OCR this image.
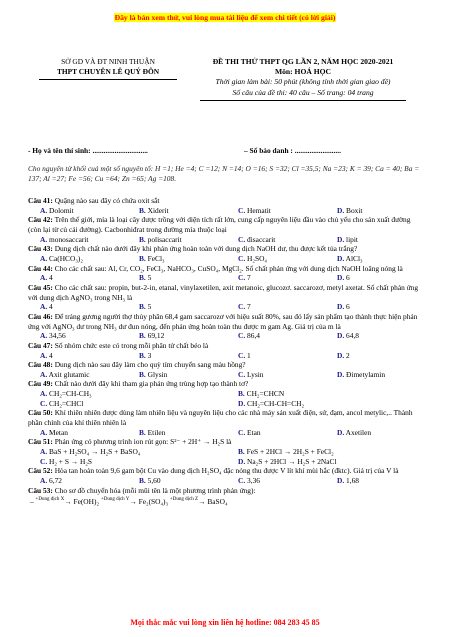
Đây là bản xem thử, vui lòng mua tài liệu để xem chi tiết (có lời giải)
SỞ GD VÀ ĐT NINH THUẬN
THPT CHUYÊN LÊ QUÝ ĐÔN
ĐỀ THI THỬ THPT QG LẦN 2, NĂM HỌC 2020-2021
Môn: HOÁ HỌC
Thời gian làm bài: 50 phút (không tính thời gian giao đề)
Số câu của đề thi: 40 câu – Số trang: 04 trang
- Họ và tên thí sinh: ..............................	– Số báo danh : .........................
Cho nguyên tử khối cuả một số nguyên tố: H =1; He =4; C =12; N =14; O =16; S =32; Cl =35,5; Na =23; K = 39; Ca = 40; Ba = 137; Al =27; Fe =56; Cu =64; Zn =65; Ag =108.
Câu 41: Quặng nào sau đây có chứa oxit sắt
A. Dolomit	B. Xiderit	C. Hematit	D. Boxit
Câu 42: Trên thế giới, mía là loại cây được trồng với diện tích rất lớn, cung cấp nguyên liệu đầu vào chủ yếu cho sản xuất đường (còn lại từ củ cải đường). Cacbonhiđrat trong đường mía thuộc loại
A. monosaccarit	B. polisaccarit	C. đisaccarit	D. lipit
Câu 43: Dung dịch chất nào dưới đây khi phản ứng hoàn toàn với dung dịch NaOH dư, thu được kết tủa trắng?
A. Ca(HCO₃)₂	B. FeCl₃	C. H₂SO₄	D. AlCl₃
Câu 44: Cho các chất sau: Al, Cr, CO₂, FeCl₃, NaHCO₃, CuSO₄, MgCl₂. Số chất phản ứng với dung dịch NaOH loãng nóng là
A. 4	B. 5	C. 7	D. 6
Câu 45: Cho các chất sau: propin, but-2-in, etanal, vinylaxetilen, axit metanoic, glucozơ. saccarozơ, metyl axetat. Số chất phản ứng với dung dịch AgNO₃ trong NH₃ là
A. 4	B. 5	C. 7	D. 6
Câu 46: Để tráng gương người thợ thủy phân 68,4 gam saccarozơ với hiệu suất 80%, sau đó lấy sản phẩm tạo thành thực hiện phản ứng với AgNO₃ dư trong NH₃ dư đun nóng, đến phản ứng hoàn toàn thu được m gam Ag. Giá trị của m là
A. 34,56	B. 69,12	C. 86,4	D. 64,8
Câu 47: Số nhóm chức este có trong mỗi phân tử chất béo là
A. 4	B. 3	C. 1	D. 2
Câu 48: Dung dịch nào sau đây làm cho quỳ tím chuyển sang màu hồng?
A. Axit glutamic	B. Glysin	C. Lysin	D. Đimetylamin
Câu 49: Chất nào dưới đây khi tham gia phản ứng trùng hợp tạo thành tơ?
A. CH₂=CH-CH₃	B. CH₂=CHCN
C. CH₂=CHCl	D. CH₂=CH-CH=CH₂
Câu 50: Khí thiên nhiên được dùng làm nhiên liệu và nguyên liệu cho các nhà máy sản xuất điện, sứ, đạm, ancol metylic,.. Thành phần chính của khí thiên nhiên là
A. Metan	B. Etilen	C. Etan	D. Axetilen
Câu 51: Phản ứng có phương trình ion rút gọn: S²⁻ + 2H⁺ → H₂S là
A. BaS + H₂SO₄ → H₂S + BaSO₄	B. FeS + 2HCl → 2H₂S + FeCl₂
C. H₂ + S → H₂S	D. Na₂S + 2HCl → H₂S + 2NaCl
Câu 52: Hòa tan hoàn toàn 9,6 gam bột Cu vào dung dịch H₂SO₄ đặc nóng thu được V lít khí mùi hắc (đktc). Giá trị của V là
A. 6,72	B. 5,60	C. 3,36	D. 1,68
Câu 53: Cho sơ đồ chuyển hóa (mỗi mũi tên là một phương trình phản ứng):
– $^{+Dung dịch X}$→ Fe(OH)₂ $^{+Dung dịch Y}$→ Fe₂(SO₄)₃ $^{+Dung dịch Z}$→ BaSO₄
Mọi thắc mắc vui lòng xin liên hệ hotline: 084 283 45 85
